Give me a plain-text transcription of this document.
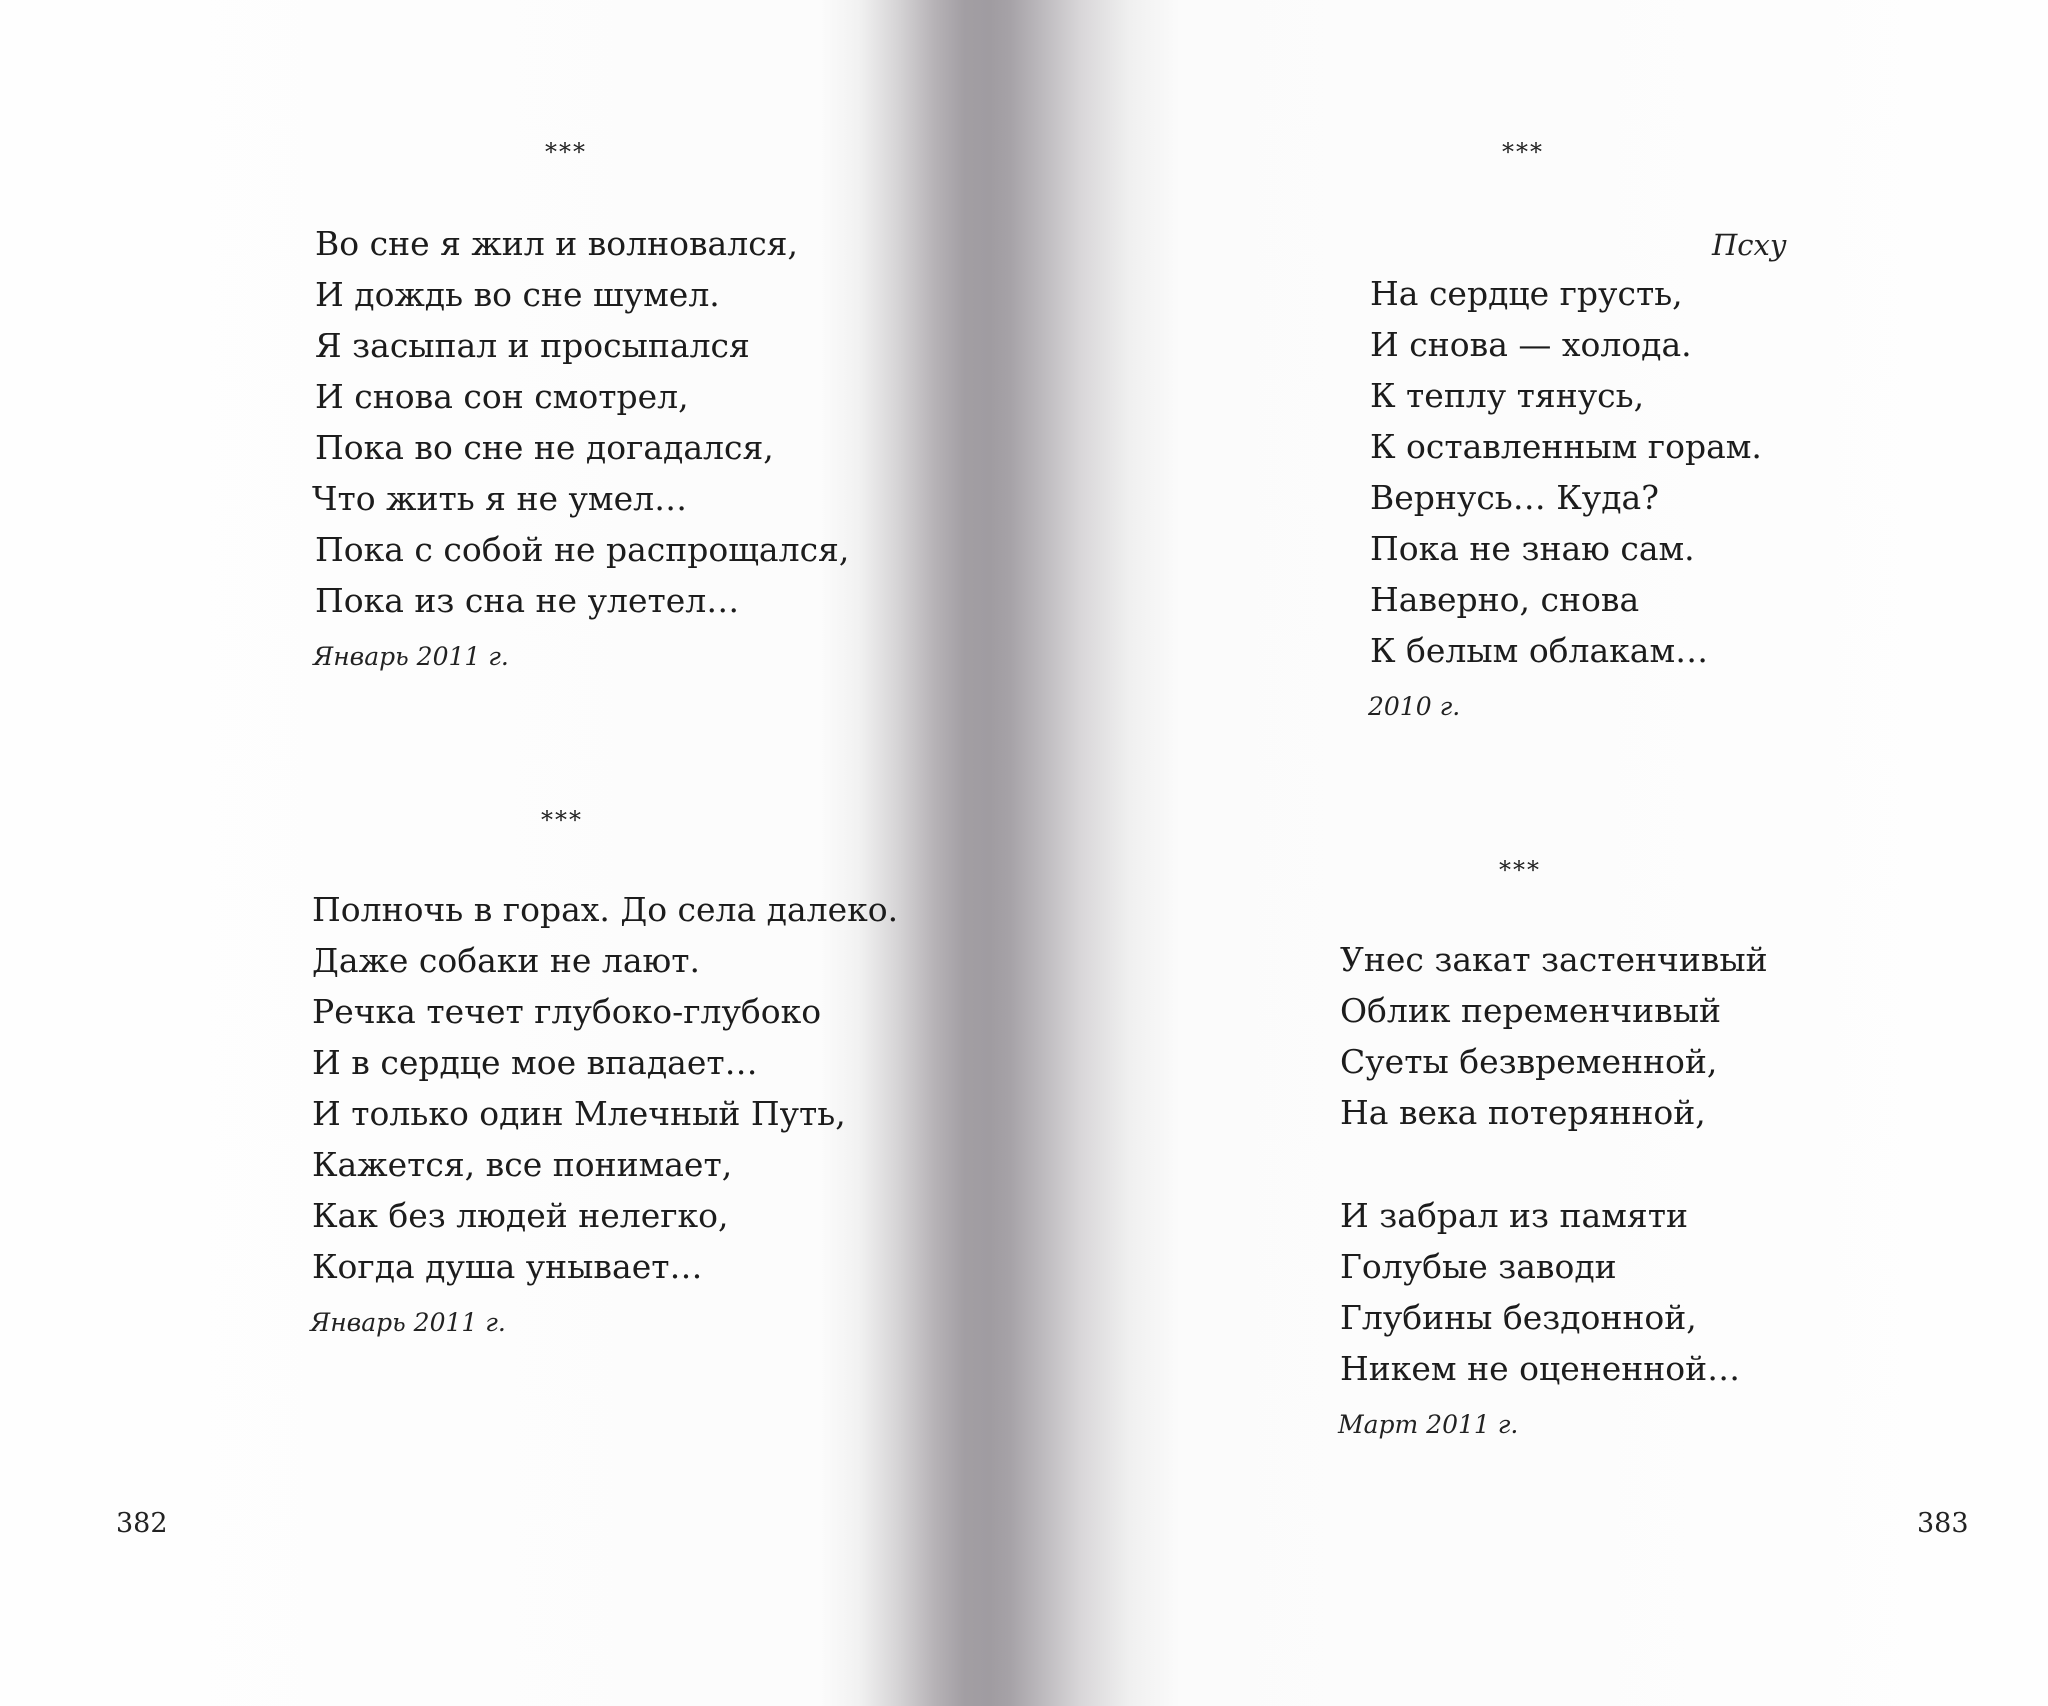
***
Во сне я жил и волновался,
И дождь во сне шумел.
Я засыпал и просыпался
И снова сон смотрел,
Пока во сне не догадался,
Что жить я не умел…
Пока с собой не распрощался,
Пока из сна не улетел…
Январь 2011 г.
***
Полночь в горах. До села далеко.
Даже собаки не лают.
Речка течет глубоко-глубоко
И в сердце мое впадает…
И только один Млечный Путь,
Кажется, все понимает,
Как без людей нелегко,
Когда душа унывает…
Январь 2011 г.
382
***
Псху
На сердце грусть,
И снова — холода.
К теплу тянусь,
К оставленным горам.
Вернусь… Куда?
Пока не знаю сам.
Наверно, снова
К белым облакам…
2010 г.
***
Унес закат застенчивый
Облик переменчивый
Суеты безвременной,
На века потерянной,
И забрал из памяти
Голубые заводи
Глубины бездонной,
Никем не оцененной…
Март 2011 г.
383
